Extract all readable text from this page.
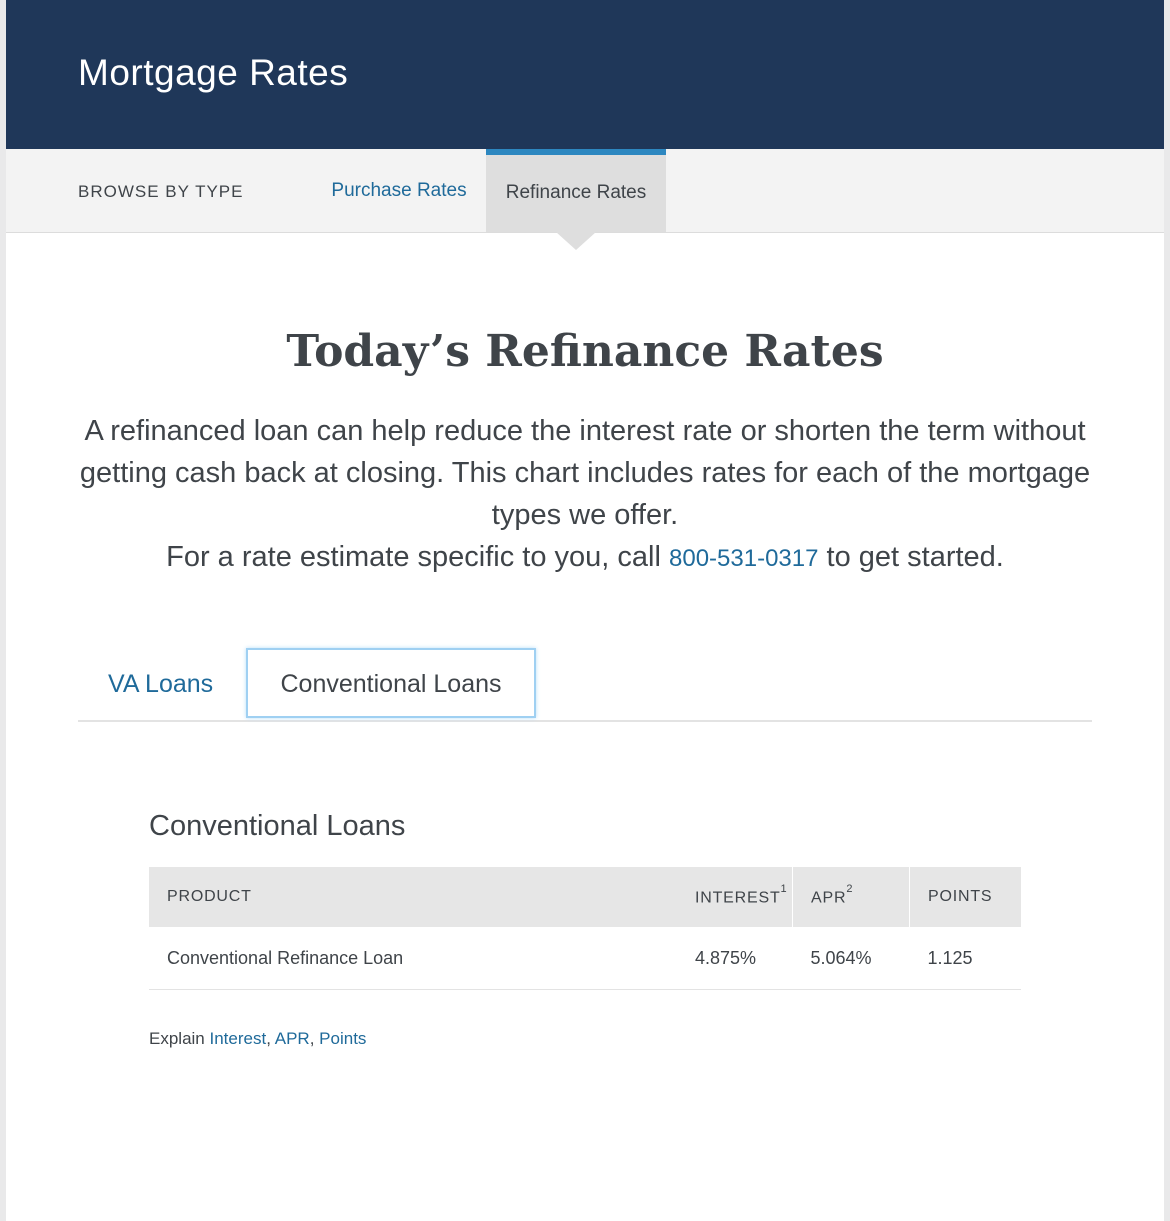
Mortgage Rates
BROWSE BY TYPE	Purchase Rates	Refinance Rates
Today’s Refinance Rates
A refinanced loan can help reduce the interest rate or shorten the term without getting cash back at closing. This chart includes rates for each of the mortgage types we offer.
For a rate estimate specific to you, call 800-531-0317 to get started.
VA Loans	Conventional Loans
Conventional Loans
PRODUCT	INTEREST$^1$	APR$^2$	POINTS
Conventional Refinance Loan	4.875%	5.064%	1.125
Explain Interest, APR, Points
